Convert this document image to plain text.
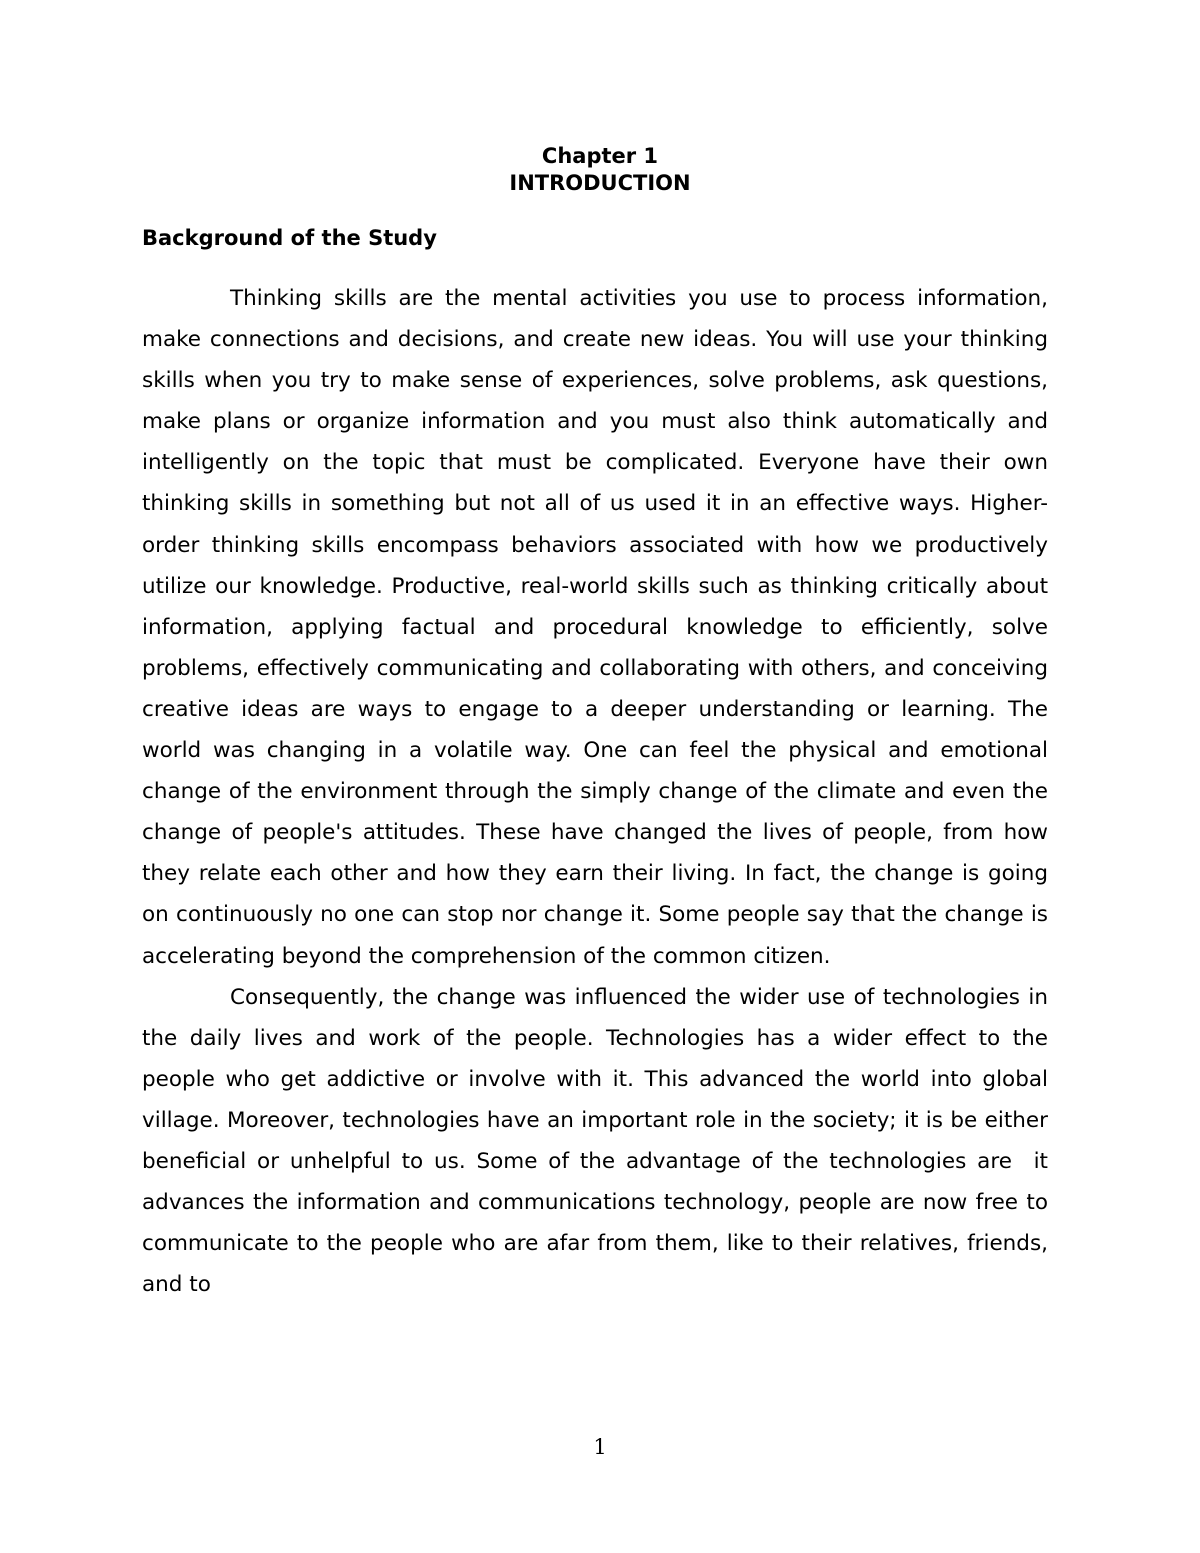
Chapter 1
INTRODUCTION
Background of the Study

Thinking skills are the mental activities you use to process information, make connections and decisions, and create new ideas. You will use your thinking skills when you try to make sense of experiences, solve problems, ask questions, make plans or organize information and you must also think automatically and intelligently on the topic that must be complicated. Everyone have their own thinking skills in something but not all of us used it in an effective ways. Higher-order thinking skills encompass behaviors associated with how we productively utilize our knowledge. Productive, real-world skills such as thinking critically about information, applying factual and procedural knowledge to efficiently, solve problems, effectively communicating and collaborating with others, and conceiving creative ideas are ways to engage to a deeper understanding or learning. The world was changing in a volatile way. One can feel the physical and emotional change of the environment through the simply change of the climate and even the change of people's attitudes. These have changed the lives of people, from how they relate each other and how they earn their living. In fact, the change is going on continuously no one can stop nor change it. Some people say that the change is accelerating beyond the comprehension of the common citizen.

Consequently, the change was influenced the wider use of technologies in the daily lives and work of the people. Technologies has a wider effect to the people who get addictive or involve with it. This advanced the world into global village. Moreover, technologies have an important role in the society; it is be either beneficial or unhelpful to us. Some of the advantage of the technologies are  it advances the information and communications technology, people are now free to communicate to the people who are afar from them, like to their relatives, friends, and to

1
